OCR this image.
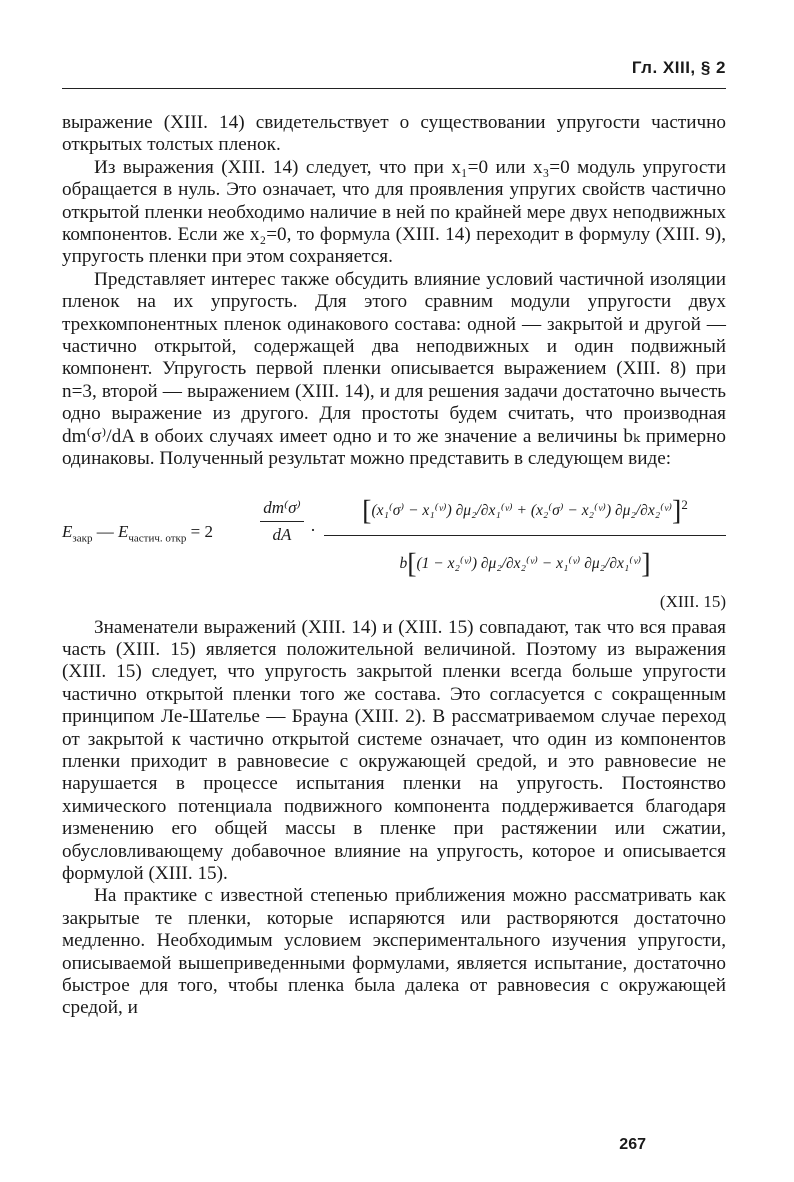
Гл. XIII, § 2

выражение (XIII. 14) свидетельствует о существовании упругости частично открытых толстых пленок.

Из выражения (XIII. 14) следует, что при x₁=0 или x₃=0 модуль упругости обращается в нуль. Это означает, что для проявления упругих свойств частично открытой пленки необходимо наличие в ней по крайней мере двух неподвижных компонентов. Если же x₂=0, то формула (XIII. 14) переходит в формулу (XIII. 9), упругость пленки при этом сохраняется.

Представляет интерес также обсудить влияние условий частичной изоляции пленок на их упругость. Для этого сравним модули упругости двух трехкомпонентных пленок одинакового состава: одной — закрытой и другой — частично открытой, содержащей два неподвижных и один подвижный компонент. Упругость первой пленки описывается выражением (XIII. 8) при n=3, второй — выражением (XIII. 14), и для решения задачи достаточно вычесть одно выражение из другого. Для простоты будем считать, что производная dm⁽σ⁾/dA в обоих случаях имеет одно и то же значение а величины bₖ примерно одинаковы. Полученный результат можно представить в следующем виде:

$E_{закр}$ — $E_{частич. откр} = 2$
dm⁽σ⁾
dA	·
[(x₁⁽σ⁾ − x₁⁽ᵛ⁾) ∂μ₂/∂x₁⁽ᵛ⁾ + (x₂⁽σ⁾ − x₂⁽ᵛ⁾) ∂μ₂/∂x₂⁽ᵛ⁾]$^2$
b[(1 − x₂⁽ᵛ⁾) ∂μ₂/∂x₂⁽ᵛ⁾ − x₁⁽ᵛ⁾ ∂μ₂/∂x₁⁽ᵛ⁾]
(XIII. 15)

Знаменатели выражений (XIII. 14) и (XIII. 15) совпадают, так что вся правая часть (XIII. 15) является положительной величиной. Поэтому из выражения (XIII. 15) следует, что упругость закрытой пленки всегда больше упругости частично открытой пленки того же состава. Это согласуется с сокращенным принципом Ле-Шателье — Брауна (XIII. 2). В рассматриваемом случае переход от закрытой к частично открытой системе означает, что один из компонентов пленки приходит в равновесие с окружающей средой, и это равновесие не нарушается в процессе испытания пленки на упругость. Постоянство химического потенциала подвижного компонента поддерживается благодаря изменению его общей массы в пленке при растяжении или сжатии, обусловливающему добавочное влияние на упругость, которое и описывается формулой (XIII. 15).

На практике с известной степенью приближения можно рассматривать как закрытые те пленки, которые испаряются или растворяются достаточно медленно. Необходимым условием экспериментального изучения упругости, описываемой вышеприведенными формулами, является испытание, достаточно быстрое для того, чтобы пленка была далека от равновесия с окружающей средой, и

267
